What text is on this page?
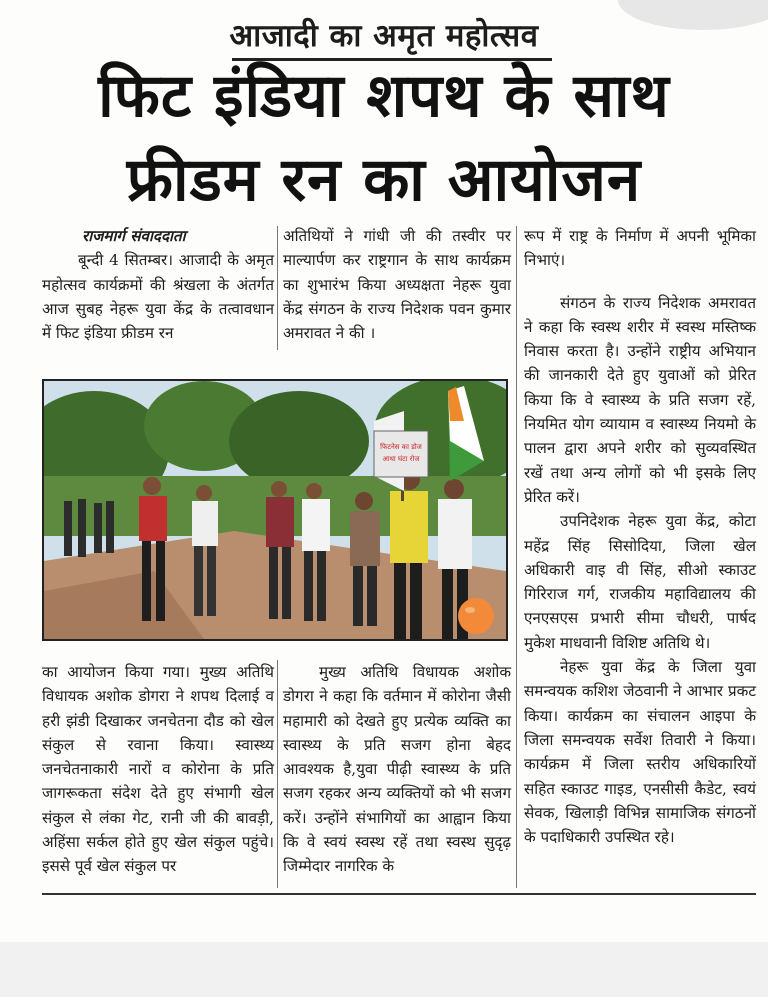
आजादी का अमृत महोत्सव
फिट इंडिया शपथ के साथ
फ्रीडम रन का आयोजन

राजमार्ग संवाददाता

बून्दी 4 सितम्बर। आजादी के अमृत महोत्सव कार्यक्रमों की श्रंखला के अंतर्गत आज सुबह नेहरू युवा केंद्र के तत्वावधान में फिट इंडिया फ्रीडम रन

अतिथियों ने गांधी जी की तस्वीर पर माल्यार्पण कर राष्ट्रगान के साथ कार्यक्रम का शुभारंभ किया अध्यक्षता नेहरू युवा केंद्र संगठन के राज्य निदेशक पवन कुमार अमरावत ने की ।

रूप में राष्ट्र के निर्माण में अपनी भूमिका निभाएं।

संगठन के राज्य निदेशक अमरावत ने कहा कि स्वस्थ शरीर में स्वस्थ मस्तिष्क निवास करता है। उन्होंने राष्ट्रीय अभियान की जानकारी देते हुए युवाओं को प्रेरित किया कि वे स्वास्थ्य के प्रति सजग रहें, नियमित योग व्यायाम व स्वास्थ्य नियमो के पालन द्वारा अपने शरीर को सुव्यवस्थित रखें तथा अन्य लोगों को भी इसके लिए प्रेरित करें।

उपनिदेशक नेहरू युवा केंद्र, कोटा महेंद्र सिंह सिसोदिया, जिला खेल अधिकारी वाइ वी सिंह, सीओ स्काउट गिरिराज गर्ग, राजकीय महाविद्यालय की एनएसएस प्रभारी सीमा चौधरी, पार्षद मुकेश माधवानी विशिष्ट अतिथि थे।

नेहरू युवा केंद्र के जिला युवा समन्वयक कशिश जेठवानी ने आभार प्रकट किया। कार्यक्रम का संचालन आइपा के जिला समन्वयक सर्वेश तिवारी ने किया। कार्यक्रम में जिला स्तरीय अधिकारियों सहित स्काउट गाइड, एनसीसी कैडेट, स्वयं सेवक, खिलाड़ी विभिन्न सामाजिक संगठनों के पदाधिकारी उपस्थित रहे।

फिटनेस का डोज
आधा घंटा रोज

का आयोजन किया गया। मुख्य अतिथि विधायक अशोक डोगरा ने शपथ दिलाई व हरी झंडी दिखाकर जनचेतना दौड को खेल संकुल से रवाना किया। स्वास्थ्य जनचेतनाकारी नारों व कोरोना के प्रति जागरूकता संदेश देते हुए संभागी खेल संकुल से लंका गेट, रानी जी की बावड़ी, अहिंसा सर्कल होते हुए खेल संकुल पहुंचे। इससे पूर्व खेल संकुल पर

मुख्य अतिथि विधायक अशोक डोगरा ने कहा कि वर्तमान में कोरोना जैसी महामारी को देखते हुए प्रत्येक व्यक्ति का स्वास्थ्य के प्रति सजग होना बेहद आवश्यक है,युवा पीढ़ी स्वास्थ्य के प्रति सजग रहकर अन्य व्यक्तियों को भी सजग करें। उन्होंने संभागियों का आह्वान किया कि वे स्वयं स्वस्थ रहें तथा स्वस्थ सुदृढ़ जिम्मेदार नागरिक के
